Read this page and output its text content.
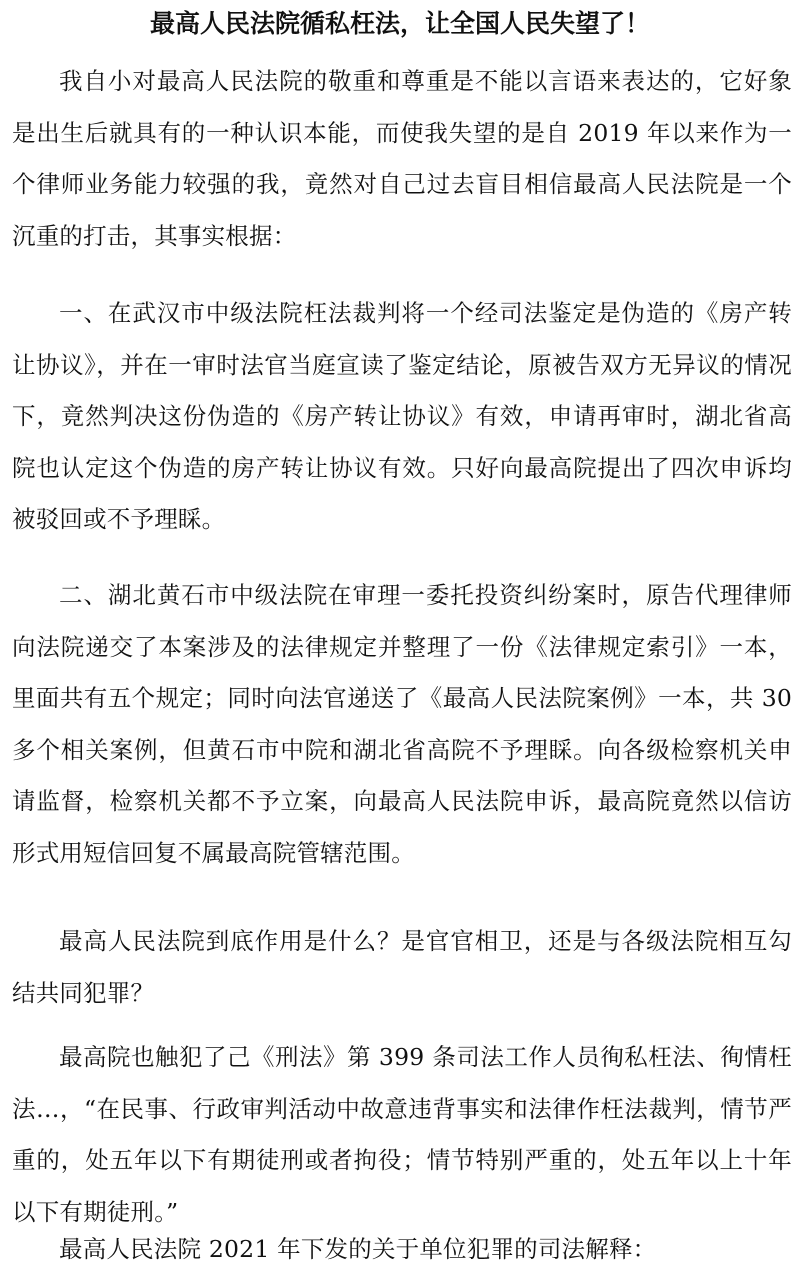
最高人民法院循私枉法，让全国人民失望了！

我自小对最高人民法院的敬重和尊重是不能以言语来表达的，它好象是出生后就具有的一种认识本能，而使我失望的是自 2019 年以来作为一个律师业务能力较强的我，竟然对自己过去盲目相信最高人民法院是一个沉重的打击，其事实根据：

一、在武汉市中级法院枉法裁判将一个经司法鉴定是伪造的《房产转让协议》，并在一审时法官当庭宣读了鉴定结论，原被告双方无异议的情况下，竟然判决这份伪造的《房产转让协议》有效，申请再审时，湖北省高院也认定这个伪造的房产转让协议有效。只好向最高院提出了四次申诉均被驳回或不予理睬。

二、湖北黄石市中级法院在审理一委托投资纠纷案时，原告代理律师向法院递交了本案涉及的法律规定并整理了一份《法律规定索引》一本，里面共有五个规定；同时向法官递送了《最高人民法院案例》一本，共 30 多个相关案例，但黄石市中院和湖北省高院不予理睬。向各级检察机关申请监督，检察机关都不予立案，向最高人民法院申诉，最高院竟然以信访形式用短信回复不属最高院管辖范围。

最高人民法院到底作用是什么？是官官相卫，还是与各级法院相互勾结共同犯罪？

最高院也触犯了己《刑法》第 399 条司法工作人员徇私枉法、徇情枉法…，“在民事、行政审判活动中故意违背事实和法律作枉法裁判，情节严重的，处五年以下有期徒刑或者拘役；情节特别严重的，处五年以上十年以下有期徒刑。”

最高人民法院 2021 年下发的关于单位犯罪的司法解释：
